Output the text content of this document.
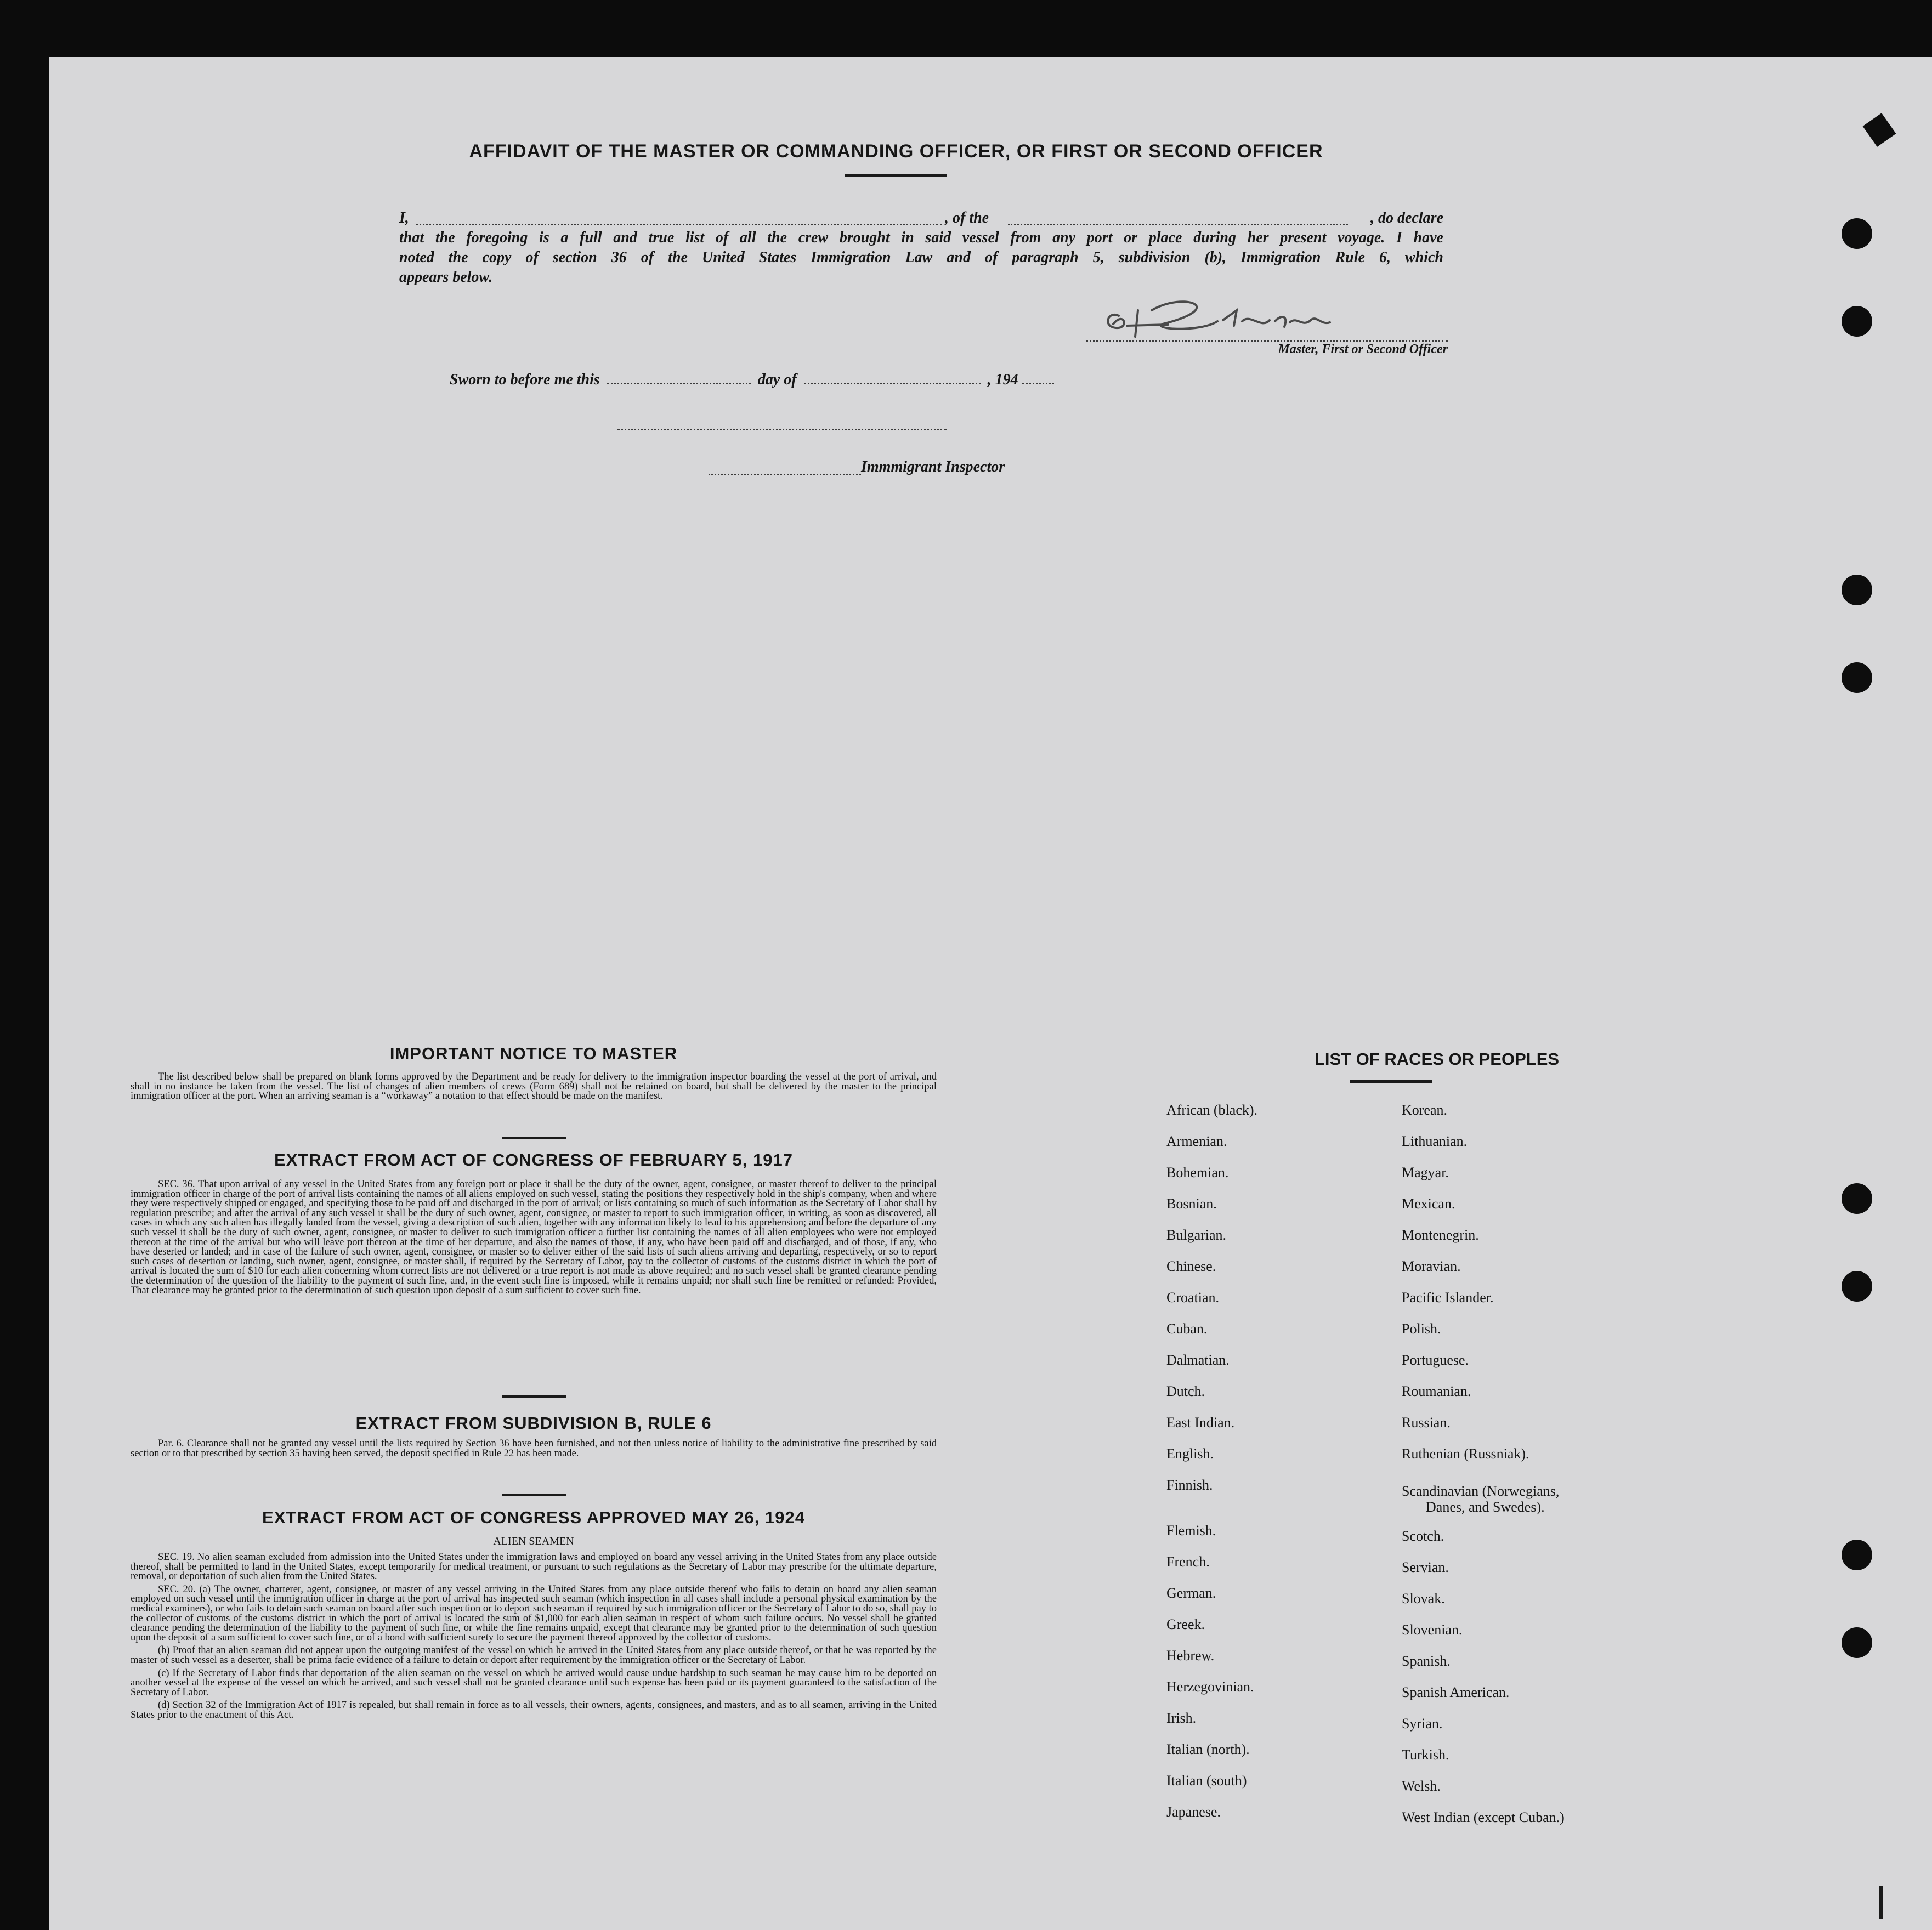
AFFIDAVIT OF THE MASTER OR COMMANDING OFFICER, OR FIRST OR SECOND OFFICER
I,	, of the	, do declare

that the foregoing is a full and true list of all the crew brought in said vessel from any port or place during her present voyage. I have

noted the copy of section 36 of the United States Immigration Law and of paragraph 5, subdivision (b), Immigration Rule 6, which

appears below.

Master, First or Second Officer
Sworn to before me this	day of	, 194
Immmigrant Inspector
IMPORTANT NOTICE TO MASTER

The list described below shall be prepared on blank forms approved by the Department and be ready for delivery to the immigration inspector boarding the vessel at the port of arrival, and shall in no instance be taken from the vessel. The list of changes of alien members of crews (Form 689) shall not be retained on board, but shall be delivered by the master to the principal immigration officer at the port. When an arriving seaman is a “workaway” a notation to that effect should be made on the manifest.

EXTRACT FROM ACT OF CONGRESS OF FEBRUARY 5, 1917

SEC. 36. That upon arrival of any vessel in the United States from any foreign port or place it shall be the duty of the owner, agent, consignee, or master thereof to deliver to the principal immigration officer in charge of the port of arrival lists containing the names of all aliens employed on such vessel, stating the positions they respectively hold in the ship's company, when and where they were respectively shipped or engaged, and specifying those to be paid off and discharged in the port of arrival; or lists containing so much of such information as the Secretary of Labor shall by regulation prescribe; and after the arrival of any such vessel it shall be the duty of such owner, agent, consignee, or master to report to such immigration officer, in writing, as soon as discovered, all cases in which any such alien has illegally landed from the vessel, giving a description of such alien, together with any information likely to lead to his apprehension; and before the departure of any such vessel it shall be the duty of such owner, agent, consignee, or master to deliver to such immigration officer a further list containing the names of all alien employees who were not employed thereon at the time of the arrival but who will leave port thereon at the time of her departure, and also the names of those, if any, who have been paid off and discharged, and of those, if any, who have deserted or landed; and in case of the failure of such owner, agent, consignee, or master so to deliver either of the said lists of such aliens arriving and departing, respectively, or so to report such cases of desertion or landing, such owner, agent, consignee, or master shall, if required by the Secretary of Labor, pay to the collector of customs of the customs district in which the port of arrival is located the sum of $10 for each alien concerning whom correct lists are not delivered or a true report is not made as above required; and no such vessel shall be granted clearance pending the determination of the question of the liability to the payment of such fine, and, in the event such fine is imposed, while it remains unpaid; nor shall such fine be remitted or refunded: Provided, That clearance may be granted prior to the determination of such question upon deposit of a sum sufficient to cover such fine.

EXTRACT FROM SUBDIVISION B, RULE 6

Par. 6. Clearance shall not be granted any vessel until the lists required by Section 36 have been furnished, and not then unless notice of liability to the administrative fine prescribed by said section or to that prescribed by section 35 having been served, the deposit specified in Rule 22 has been made.

EXTRACT FROM ACT OF CONGRESS APPROVED MAY 26, 1924
ALIEN SEAMEN

SEC. 19. No alien seaman excluded from admission into the United States under the immigration laws and employed on board any vessel arriving in the United States from any place outside thereof, shall be permitted to land in the United States, except temporarily for medical treatment, or pursuant to such regulations as the Secretary of Labor may prescribe for the ultimate departure, removal, or deportation of such alien from the United States.

SEC. 20. (a) The owner, charterer, agent, consignee, or master of any vessel arriving in the United States from any place outside thereof who fails to detain on board any alien seaman employed on such vessel until the immigration officer in charge at the port of arrival has inspected such seaman (which inspection in all cases shall include a personal physical examination by the medical examiners), or who fails to detain such seaman on board after such inspection or to deport such seaman if required by such immigration officer or the Secretary of Labor to do so, shall pay to the collector of customs of the customs district in which the port of arrival is located the sum of $1,000 for each alien seaman in respect of whom such failure occurs. No vessel shall be granted clearance pending the determination of the liability to the payment of such fine, or while the fine remains unpaid, except that clearance may be granted prior to the determination of such question upon the deposit of a sum sufficient to cover such fine, or of a bond with sufficient surety to secure the payment thereof approved by the collector of customs.

(b) Proof that an alien seaman did not appear upon the outgoing manifest of the vessel on which he arrived in the United States from any place outside thereof, or that he was reported by the master of such vessel as a deserter, shall be prima facie evidence of a failure to detain or deport after requirement by the immigration officer or the Secretary of Labor.

(c) If the Secretary of Labor finds that deportation of the alien seaman on the vessel on which he arrived would cause undue hardship to such seaman he may cause him to be deported on another vessel at the expense of the vessel on which he arrived, and such vessel shall not be granted clearance until such expense has been paid or its payment guaranteed to the satisfaction of the Secretary of Labor.

(d) Section 32 of the Immigration Act of 1917 is repealed, but shall remain in force as to all vessels, their owners, agents, consignees, and masters, and as to all seamen, arriving in the United States prior to the enactment of this Act.

LIST OF RACES OR PEOPLES
African (black).
Armenian.
Bohemian.
Bosnian.
Bulgarian.
Chinese.
Croatian.
Cuban.
Dalmatian.
Dutch.
East Indian.
English.
Finnish.
Flemish.
French.
German.
Greek.
Hebrew.
Herzegovinian.
Irish.
Italian (north).
Italian (south)
Japanese.
Korean.
Lithuanian.
Magyar.
Mexican.
Montenegrin.
Moravian.
Pacific Islander.
Polish.
Portuguese.
Roumanian.
Russian.
Ruthenian (Russniak).
Scandinavian (Norwegians,
Danes, and Swedes).
Scotch.
Servian.
Slovak.
Slovenian.
Spanish.
Spanish American.
Syrian.
Turkish.
Welsh.
West Indian (except Cuban.)
